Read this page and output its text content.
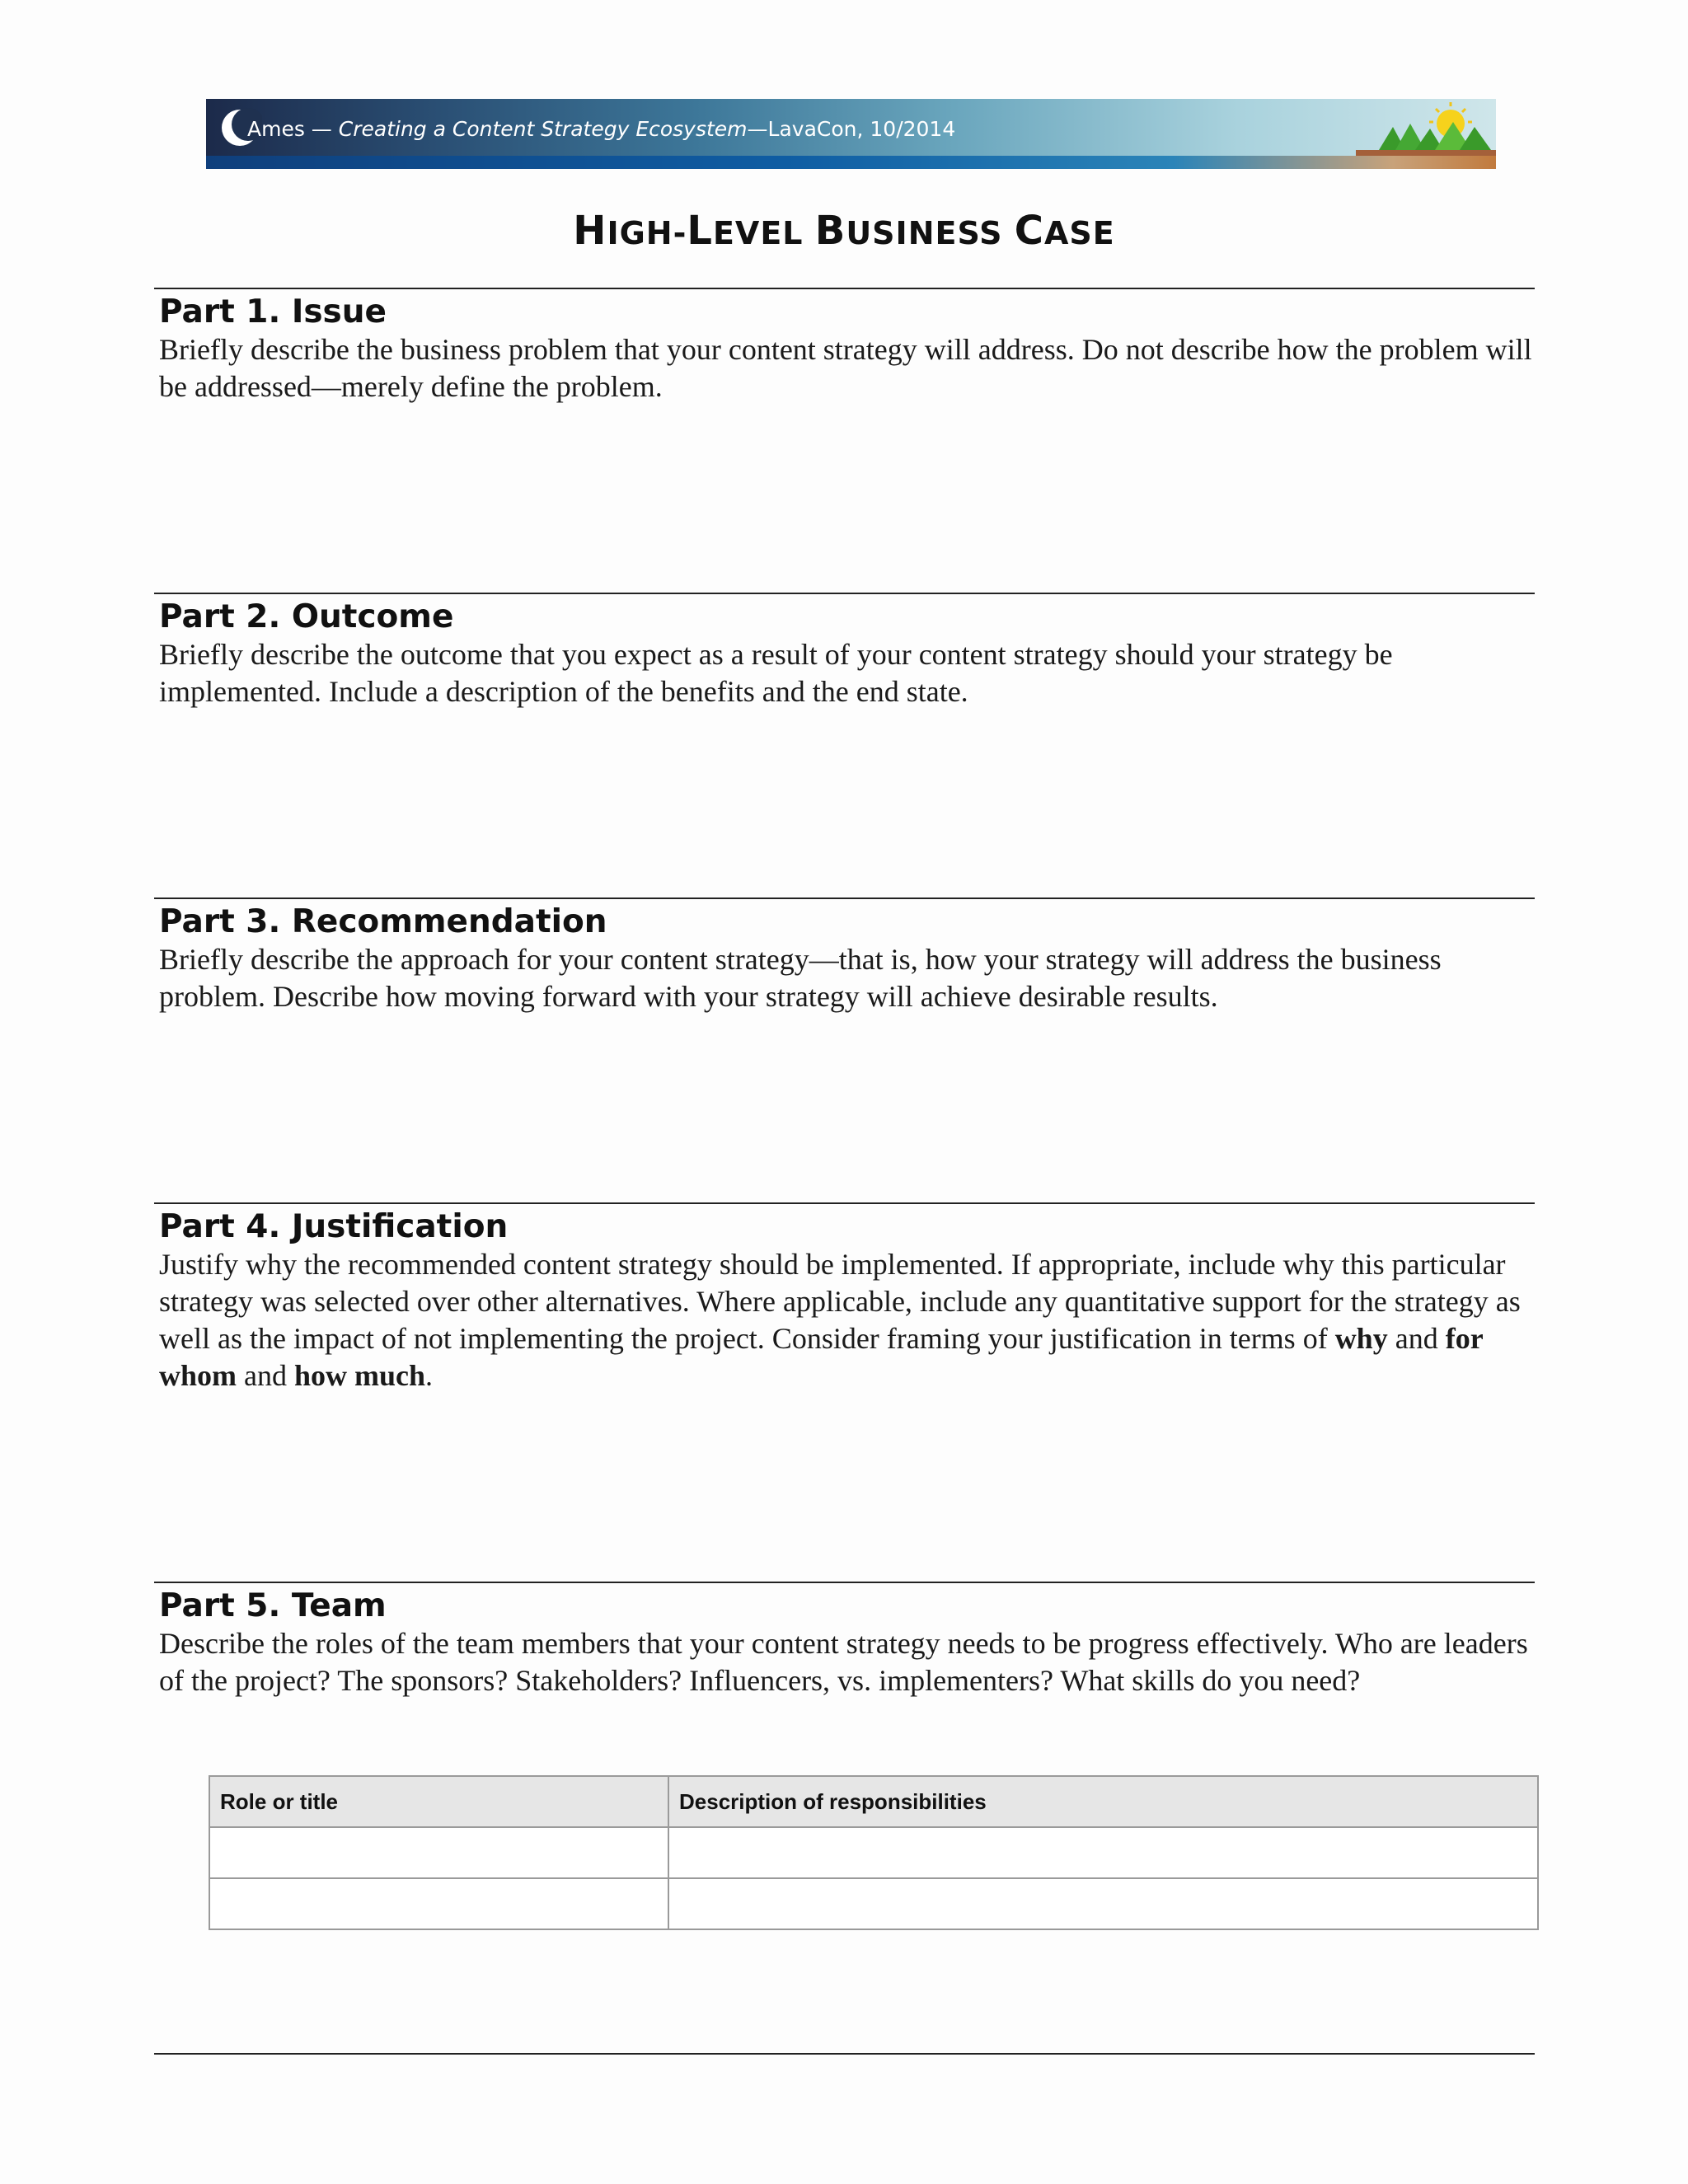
Ames — Creating a Content Strategy Ecosystem—LavaCon, 10/2014
HIGH-LEVEL BUSINESS CASE

Part 1. Issue

Briefly describe the business problem that your content strategy will address. Do not describe how the problem will be addressed—merely define the problem.

Part 2. Outcome

Briefly describe the outcome that you expect as a result of your content strategy should your strategy be implemented. Include a description of the benefits and the end state.

Part 3. Recommendation

Briefly describe the approach for your content strategy—that is, how your strategy will address the business problem. Describe how moving forward with your strategy will achieve desirable results.

Part 4. Justification

Justify why the recommended content strategy should be implemented. If appropriate, include why this particular strategy was selected over other alternatives. Where applicable, include any quantitative support for the strategy as well as the impact of not implementing the project. Consider framing your justification in terms of why and for whom and how much.

Part 5. Team

Describe the roles of the team members that your content strategy needs to be progress effectively. Who are leaders of the project? The sponsors? Stakeholders? Influencers, vs. implementers? What skills do you need?

Role or title	Description of responsibilities
